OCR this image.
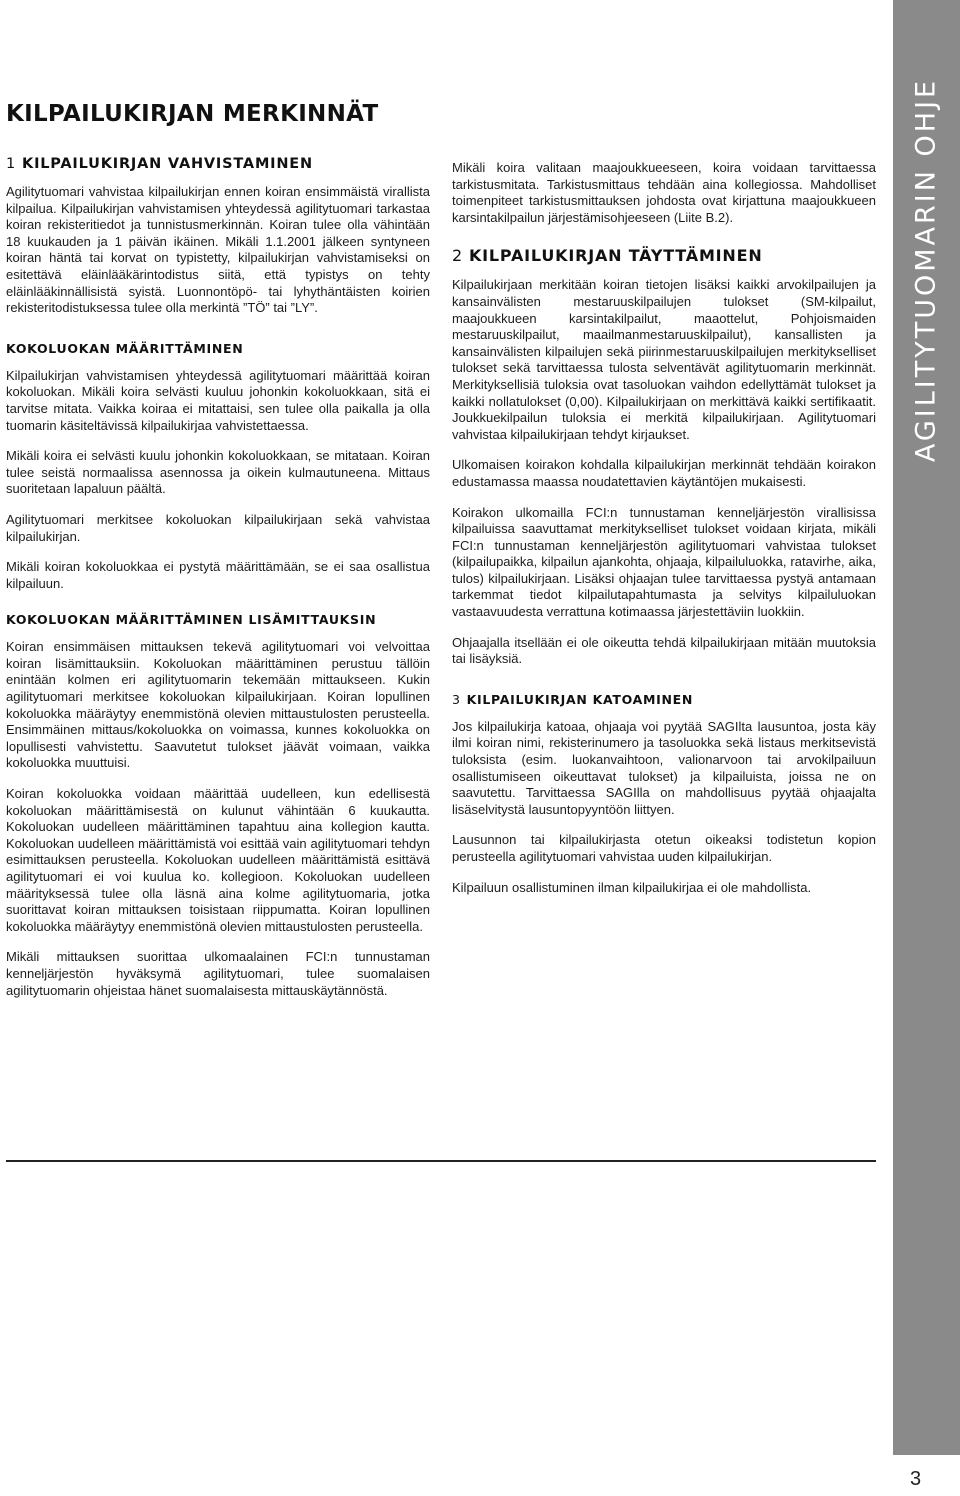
AGILITYTUOMARIN OHJE
KILPAILUKIRJAN MERKINNÄT
1 KILPAILUKIRJAN VAHVISTAMINEN

Agilitytuomari vahvistaa kilpailukirjan ennen koiran ensimmäistä virallista kilpailua. Kilpailukirjan vahvistamisen yhteydessä agilitytuomari tarkastaa koiran rekisteritiedot ja tunnistusmerkinnän. Koiran tulee olla vähintään 18 kuukauden ja 1 päivän ikäinen. Mikäli 1.1.2001 jälkeen syntyneen koiran häntä tai korvat on typistetty, kilpailukirjan vahvistamiseksi on esitettävä eläinlääkärintodistus siitä, että typistys on tehty eläinlääkinnällisistä syistä. Luonnontöpö- tai lyhythäntäisten koirien rekisteritodistuksessa tulee olla merkintä ”TÖ” tai ”LY”.

KOKOLUOKAN MÄÄRITTÄMINEN

Kilpailukirjan vahvistamisen yhteydessä agilitytuomari määrittää koiran kokoluokan. Mikäli koira selvästi kuuluu johonkin kokoluokkaan, sitä ei tarvitse mitata. Vaikka koiraa ei mitattaisi, sen tulee olla paikalla ja olla tuomarin käsiteltävissä kilpailukirjaa vahvistettaessa.

Mikäli koira ei selvästi kuulu johonkin kokoluokkaan, se mitataan. Koiran tulee seistä normaalissa asennossa ja oikein kulmautuneena. Mittaus suoritetaan lapaluun päältä.

Agilitytuomari merkitsee kokoluokan kilpailukirjaan sekä vahvistaa kilpailukirjan.

Mikäli koiran kokoluokkaa ei pystytä määrittämään, se ei saa osallistua kilpailuun.

KOKOLUOKAN MÄÄRITTÄMINEN LISÄMITTAUKSIN

Koiran ensimmäisen mittauksen tekevä agilitytuomari voi velvoittaa koiran lisämittauksiin. Kokoluokan määrittäminen perustuu tällöin enintään kolmen eri agilitytuomarin tekemään mittaukseen. Kukin agilitytuomari merkitsee kokoluokan kilpailukirjaan. Koiran lopullinen kokoluokka määräytyy enemmistönä olevien mittaustulosten perusteella. Ensimmäinen mittaus/kokoluokka on voimassa, kunnes kokoluokka on lopullisesti vahvistettu. Saavutetut tulokset jäävät voimaan, vaikka kokoluokka muuttuisi.

Koiran kokoluokka voidaan määrittää uudelleen, kun edellisestä kokoluokan määrittämisestä on kulunut vähintään 6 kuukautta. Kokoluokan uudelleen määrittäminen tapahtuu aina kollegion kautta. Kokoluokan uudelleen määrittämistä voi esittää vain agilitytuomari tehdyn esimittauksen perusteella. Kokoluokan uudelleen määrittämistä esittävä agilitytuomari ei voi kuulua ko. kollegioon. Kokoluokan uudelleen määrityksessä tulee olla läsnä aina kolme agilitytuomaria, jotka suorittavat koiran mittauksen toisistaan riippumatta. Koiran lopullinen kokoluokka määräytyy enemmistönä olevien mittaustulosten perusteella.

Mikäli mittauksen suorittaa ulkomaalainen FCI:n tunnustaman kenneljärjestön hyväksymä agilitytuomari, tulee suomalaisen agilitytuomarin ohjeistaa hänet suomalaisesta mittauskäytännöstä.

Mikäli koira valitaan maajoukkueeseen, koira voidaan tarvittaessa tarkistusmitata. Tarkistusmittaus tehdään aina kollegiossa. Mahdolliset toimenpiteet tarkistusmittauksen johdosta ovat kirjattuna maajoukkueen karsintakilpailun järjestämisohjeeseen (Liite B.2).

2 KILPAILUKIRJAN TÄYTTÄMINEN

Kilpailukirjaan merkitään koiran tietojen lisäksi kaikki arvokilpailujen ja kansainvälisten mestaruuskilpailujen tulokset (SM-kilpailut, maajoukkueen karsintakilpailut, maaottelut, Pohjoismaiden mestaruuskilpailut, maailmanmestaruuskilpailut), kansallisten ja kansainvälisten kilpailujen sekä piirinmestaruuskilpailujen merkitykselliset tulokset sekä tarvittaessa tulosta selventävät agilitytuomarin merkinnät. Merkityksellisiä tuloksia ovat tasoluokan vaihdon edellyttämät tulokset ja kaikki nollatulokset (0,00). Kilpailukirjaan on merkittävä kaikki sertifikaatit. Joukkuekilpailun tuloksia ei merkitä kilpailukirjaan. Agilitytuomari vahvistaa kilpailukirjaan tehdyt kirjaukset.

Ulkomaisen koirakon kohdalla kilpailukirjan merkinnät tehdään koirakon edustamassa maassa noudatettavien käytäntöjen mukaisesti.

Koirakon ulkomailla FCI:n tunnustaman kenneljärjestön virallisissa kilpailuissa saavuttamat merkitykselliset tulokset voidaan kirjata, mikäli FCI:n tunnustaman kenneljärjestön agilitytuomari vahvistaa tulokset (kilpailupaikka, kilpailun ajankohta, ohjaaja, kilpailuluokka, ratavirhe, aika, tulos) kilpailukirjaan. Lisäksi ohjaajan tulee tarvittaessa pystyä antamaan tarkemmat tiedot kilpailutapahtumasta ja selvitys kilpailuluokan vastaavuudesta verrattuna kotimaassa järjestettäviin luokkiin.

Ohjaajalla itsellään ei ole oikeutta tehdä kilpailukirjaan mitään muutoksia tai lisäyksiä.

3 KILPAILUKIRJAN KATOAMINEN

Jos kilpailukirja katoaa, ohjaaja voi pyytää SAGIlta lausuntoa, josta käy ilmi koiran nimi, rekisterinumero ja tasoluokka sekä listaus merkitsevistä tuloksista (esim. luokanvaihtoon, valionarvoon tai arvokilpailuun osallistumiseen oikeuttavat tulokset) ja kilpailuista, joissa ne on saavutettu. Tarvittaessa SAGIlla on mahdollisuus pyytää ohjaajalta lisäselvitystä lausuntopyyntöön liittyen.

Lausunnon tai kilpailukirjasta otetun oikeaksi todistetun kopion perusteella agilitytuomari vahvistaa uuden kilpailukirjan.

Kilpailuun osallistuminen ilman kilpailukirjaa ei ole mahdollista.

3
